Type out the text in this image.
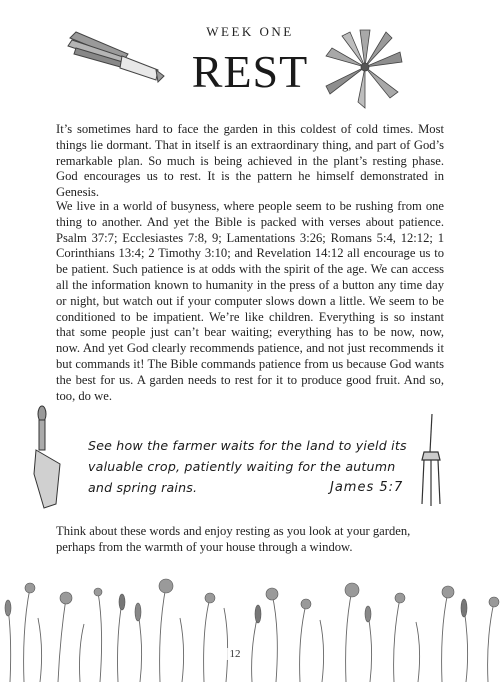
WEEK ONE
REST

It’s sometimes hard to face the garden in this coldest of cold times. Most things lie dormant. That in itself is an extraordinary thing, and part of God’s remarkable plan. So much is being achieved in the plant’s resting phase. God encourages us to rest. It is the pattern he himself demonstrated in Genesis.

We live in a world of busyness, where people seem to be rushing from one thing to another. And yet the Bible is packed with verses about patience. Psalm 37:7; Ecclesiastes 7:8, 9; Lamentations 3:26; Romans 5:4, 12:12; 1 Corinthians 13:4; 2 Timothy 3:10; and Revelation 14:12 all encourage us to be patient. Such patience is at odds with the spirit of the age. We can access all the information known to humanity in the press of a button any time day or night, but watch out if your computer slows down a little. We seem to be conditioned to be impatient. We’re like children. Everything is so instant that some people just can’t bear waiting; everything has to be now, now, now. And yet God clearly recommends patience, and not just recommends it but commands it! The Bible commands patience from us because God wants the best for us. A garden needs to rest for it to produce good fruit. And so, too, do we.

See how the farmer waits for the land to yield its valuable crop, patiently waiting for the autumn and spring rains.	James 5:7

Think about these words and enjoy resting as you look at your garden, perhaps from the warmth of your house through a window.

12
